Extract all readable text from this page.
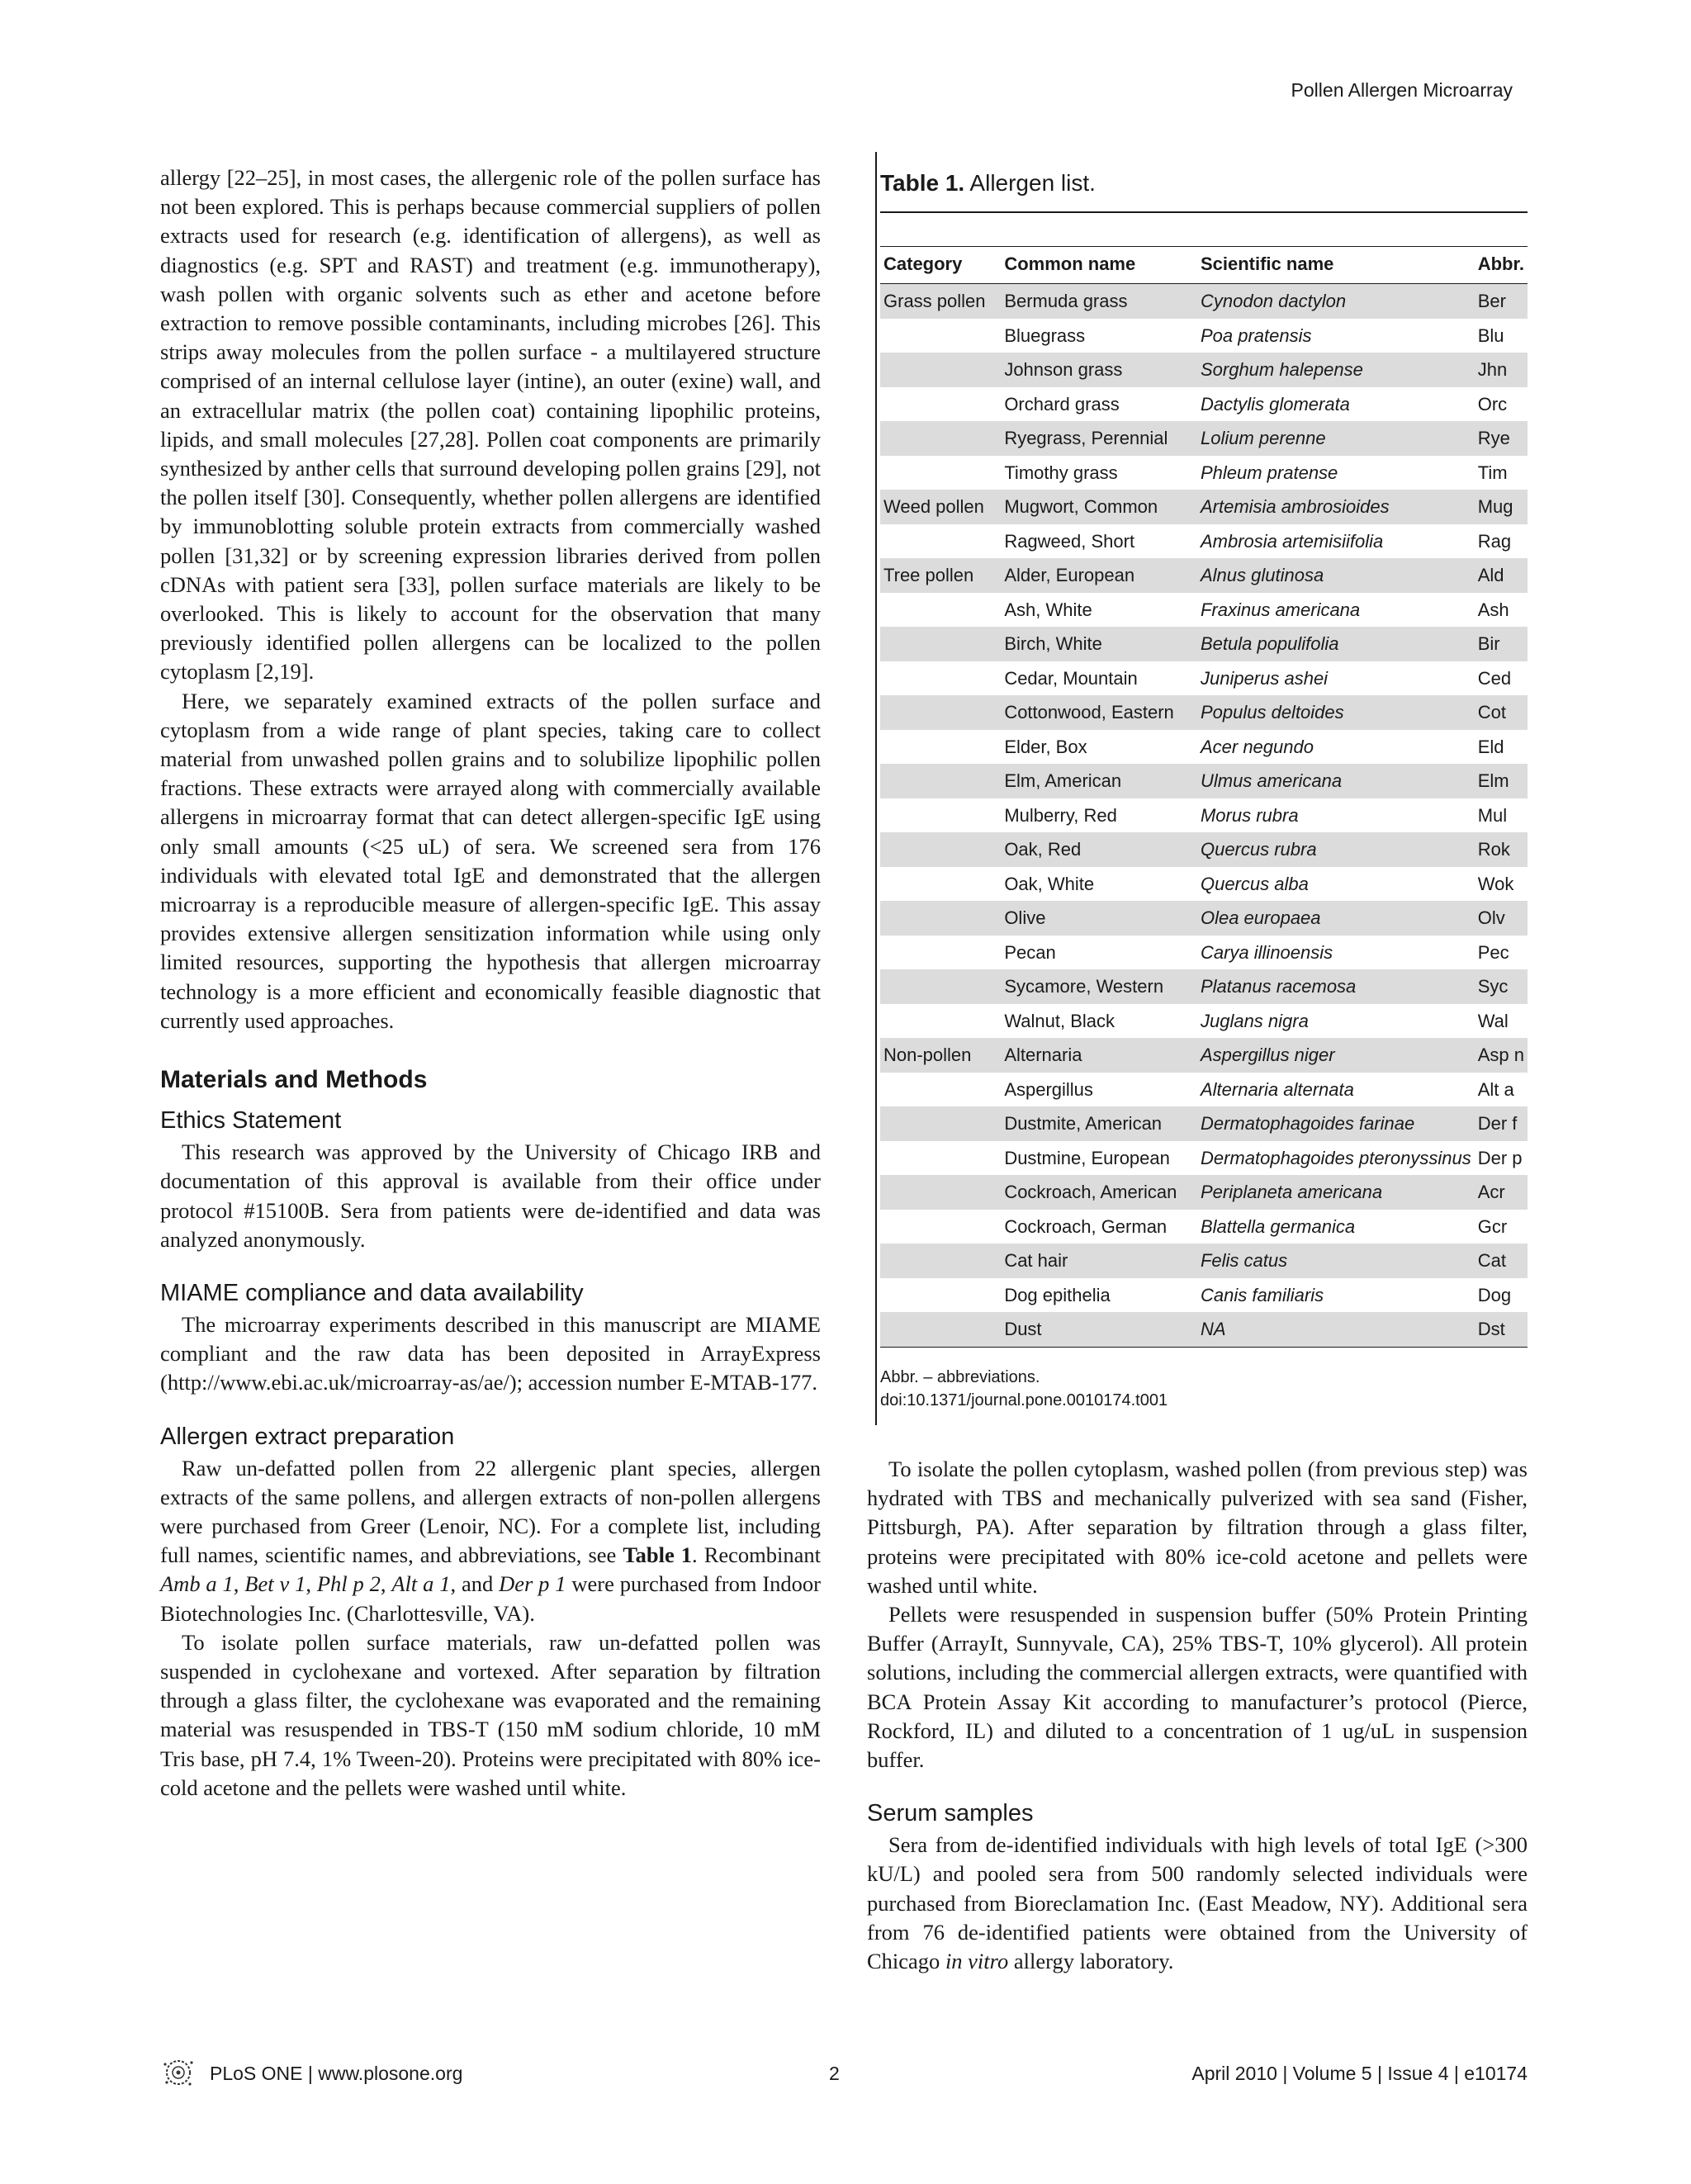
Pollen Allergen Microarray

allergy [22–25], in most cases, the allergenic role of the pollen surface has not been explored. This is perhaps because commercial suppliers of pollen extracts used for research (e.g. identification of allergens), as well as diagnostics (e.g. SPT and RAST) and treatment (e.g. immunotherapy), wash pollen with organic solvents such as ether and acetone before extraction to remove possible contaminants, including microbes [26]. This strips away molecules from the pollen surface - a multilayered structure comprised of an internal cellulose layer (intine), an outer (exine) wall, and an extracellular matrix (the pollen coat) containing lipophilic proteins, lipids, and small molecules [27,28]. Pollen coat components are primarily synthesized by anther cells that surround developing pollen grains [29], not the pollen itself [30]. Consequently, whether pollen allergens are identified by immunoblotting soluble protein extracts from commercially washed pollen [31,32] or by screening expression libraries derived from pollen cDNAs with patient sera [33], pollen surface materials are likely to be overlooked. This is likely to account for the observation that many previously identified pollen allergens can be localized to the pollen cytoplasm [2,19].

Here, we separately examined extracts of the pollen surface and cytoplasm from a wide range of plant species, taking care to collect material from unwashed pollen grains and to solubilize lipophilic pollen fractions. These extracts were arrayed along with commercially available allergens in microarray format that can detect allergen-specific IgE using only small amounts (<25 uL) of sera. We screened sera from 176 individuals with elevated total IgE and demonstrated that the allergen microarray is a reproducible measure of allergen-specific IgE. This assay provides extensive allergen sensitization information while using only limited resources, supporting the hypothesis that allergen microarray technology is a more efficient and economically feasible diagnostic that currently used approaches.

Materials and Methods
Ethics Statement

This research was approved by the University of Chicago IRB and documentation of this approval is available from their office under protocol #15100B. Sera from patients were de-identified and data was analyzed anonymously.

MIAME compliance and data availability

The microarray experiments described in this manuscript are MIAME compliant and the raw data has been deposited in ArrayExpress (http://www.ebi.ac.uk/microarray-as/ae/); accession number E-MTAB-177.

Allergen extract preparation

Raw un-defatted pollen from 22 allergenic plant species, allergen extracts of the same pollens, and allergen extracts of non-pollen allergens were purchased from Greer (Lenoir, NC). For a complete list, including full names, scientific names, and abbreviations, see Table 1. Recombinant Amb a 1, Bet v 1, Phl p 2, Alt a 1, and Der p 1 were purchased from Indoor Biotechnologies Inc. (Charlottesville, VA).

To isolate pollen surface materials, raw un-defatted pollen was suspended in cyclohexane and vortexed. After separation by filtration through a glass filter, the cyclohexane was evaporated and the remaining material was resuspended in TBS-T (150 mM sodium chloride, 10 mM Tris base, pH 7.4, 1% Tween-20). Proteins were precipitated with 80% ice-cold acetone and the pellets were washed until white.

Table 1. Allergen list.
Category	Common name	Scientific name	Abbr.
Grass pollen	Bermuda grass	Cynodon dactylon	Ber
	Bluegrass	Poa pratensis	Blu
	Johnson grass	Sorghum halepense	Jhn
	Orchard grass	Dactylis glomerata	Orc
	Ryegrass, Perennial	Lolium perenne	Rye
	Timothy grass	Phleum pratense	Tim
Weed pollen	Mugwort, Common	Artemisia ambrosioides	Mug
	Ragweed, Short	Ambrosia artemisiifolia	Rag
Tree pollen	Alder, European	Alnus glutinosa	Ald
	Ash, White	Fraxinus americana	Ash
	Birch, White	Betula populifolia	Bir
	Cedar, Mountain	Juniperus ashei	Ced
	Cottonwood, Eastern	Populus deltoides	Cot
	Elder, Box	Acer negundo	Eld
	Elm, American	Ulmus americana	Elm
	Mulberry, Red	Morus rubra	Mul
	Oak, Red	Quercus rubra	Rok
	Oak, White	Quercus alba	Wok
	Olive	Olea europaea	Olv
	Pecan	Carya illinoensis	Pec
	Sycamore, Western	Platanus racemosa	Syc
	Walnut, Black	Juglans nigra	Wal
Non-pollen	Alternaria	Aspergillus niger	Asp n
	Aspergillus	Alternaria alternata	Alt a
	Dustmite, American	Dermatophagoides farinae	Der f
	Dustmine, European	Dermatophagoides pteronyssinus	Der p
	Cockroach, American	Periplaneta americana	Acr
	Cockroach, German	Blattella germanica	Gcr
	Cat hair	Felis catus	Cat
	Dog epithelia	Canis familiaris	Dog
	Dust	NA	Dst
Abbr. – abbreviations.
doi:10.1371/journal.pone.0010174.t001

To isolate the pollen cytoplasm, washed pollen (from previous step) was hydrated with TBS and mechanically pulverized with sea sand (Fisher, Pittsburgh, PA). After separation by filtration through a glass filter, proteins were precipitated with 80% ice-cold acetone and pellets were washed until white.

Pellets were resuspended in suspension buffer (50% Protein Printing Buffer (ArrayIt, Sunnyvale, CA), 25% TBS-T, 10% glycerol). All protein solutions, including the commercial allergen extracts, were quantified with BCA Protein Assay Kit according to manufacturer’s protocol (Pierce, Rockford, IL) and diluted to a concentration of 1 ug/uL in suspension buffer.

Serum samples

Sera from de-identified individuals with high levels of total IgE (>300 kU/L) and pooled sera from 500 randomly selected individuals were purchased from Bioreclamation Inc. (East Meadow, NY). Additional sera from 76 de-identified patients were obtained from the University of Chicago in vitro allergy laboratory.

PLoS ONE | www.plosone.org	2	April 2010 | Volume 5 | Issue 4 | e10174
